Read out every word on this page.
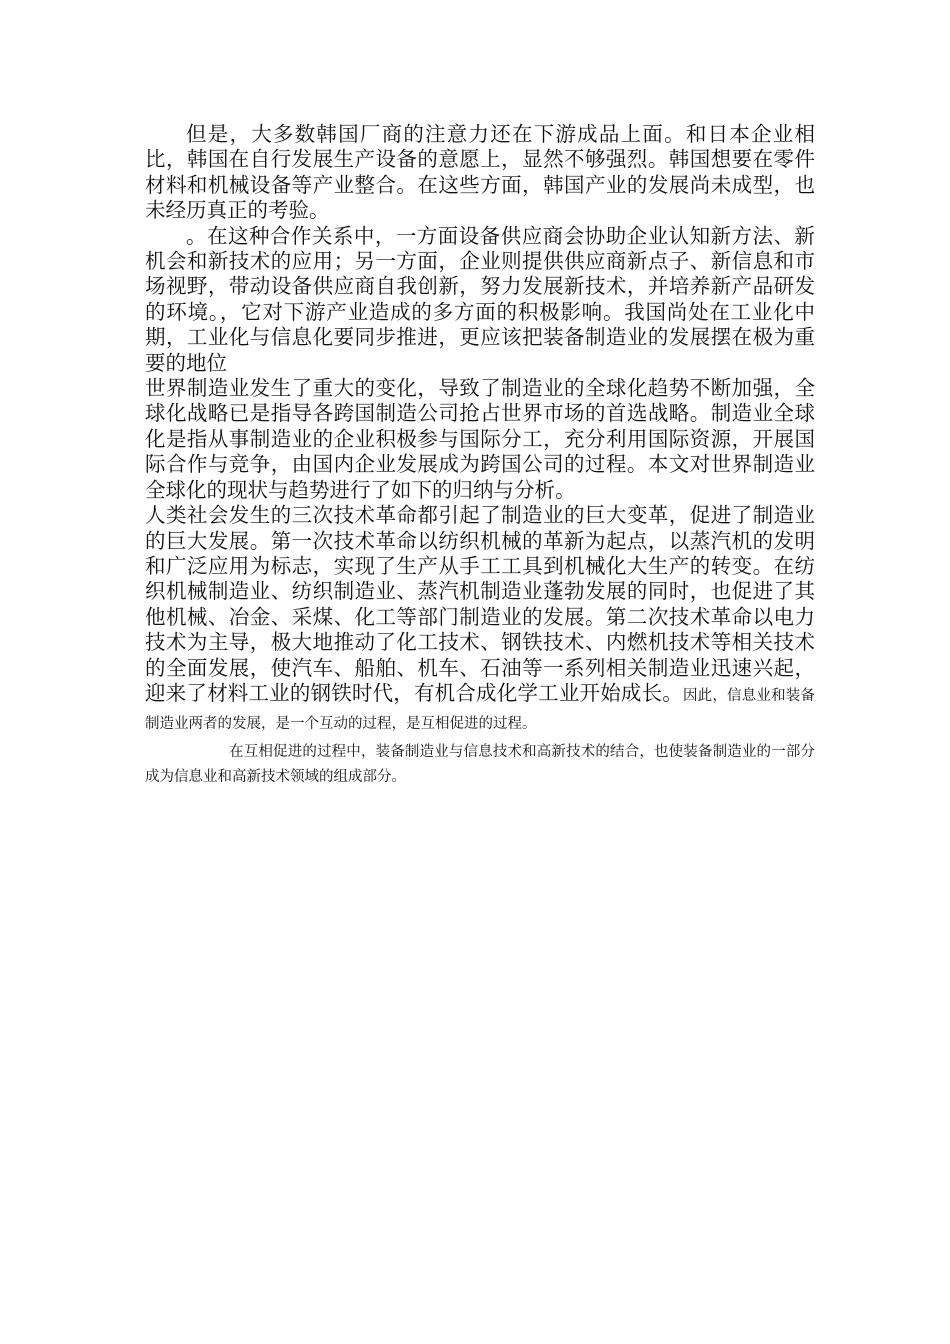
但是，大多数韩国厂商的注意力还在下游成品上面。和日本企业相比，韩国在自行发展生产设备的意愿上，显然不够强烈。韩国想要在零件材料和机械设备等产业整合。在这些方面，韩国产业的发展尚未成型，也未经历真正的考验。

。在这种合作关系中，一方面设备供应商会协助企业认知新方法、新机会和新技术的应用；另一方面，企业则提供供应商新点子、新信息和市场视野，带动设备供应商自我创新，努力发展新技术，并培养新产品研发的环境。，它对下游产业造成的多方面的积极影响。我国尚处在工业化中期，工业化与信息化要同步推进，更应该把装备制造业的发展摆在极为重要的地位

世界制造业发生了重大的变化，导致了制造业的全球化趋势不断加强，全球化战略已是指导各跨国制造公司抢占世界市场的首选战略。制造业全球化是指从事制造业的企业积极参与国际分工，充分利用国际资源，开展国际合作与竞争，由国内企业发展成为跨国公司的过程。本文对世界制造业全球化的现状与趋势进行了如下的归纳与分析。

人类社会发生的三次技术革命都引起了制造业的巨大变革，促进了制造业的巨大发展。第一次技术革命以纺织机械的革新为起点，以蒸汽机的发明和广泛应用为标志，实现了生产从手工工具到机械化大生产的转变。在纺织机械制造业、纺织制造业、蒸汽机制造业蓬勃发展的同时，也促进了其他机械、冶金、采煤、化工等部门制造业的发展。第二次技术革命以电力技术为主导，极大地推动了化工技术、钢铁技术、内燃机技术等相关技术的全面发展，使汽车、船舶、机车、石油等一系列相关制造业迅速兴起，迎来了材料工业的钢铁时代，有机合成化学工业开始成长。因此，信息业和装备制造业两者的发展，是一个互动的过程，是互相促进的过程。

在互相促进的过程中，装备制造业与信息技术和高新技术的结合，也使装备制造业的一部分成为信息业和高新技术领域的组成部分。
